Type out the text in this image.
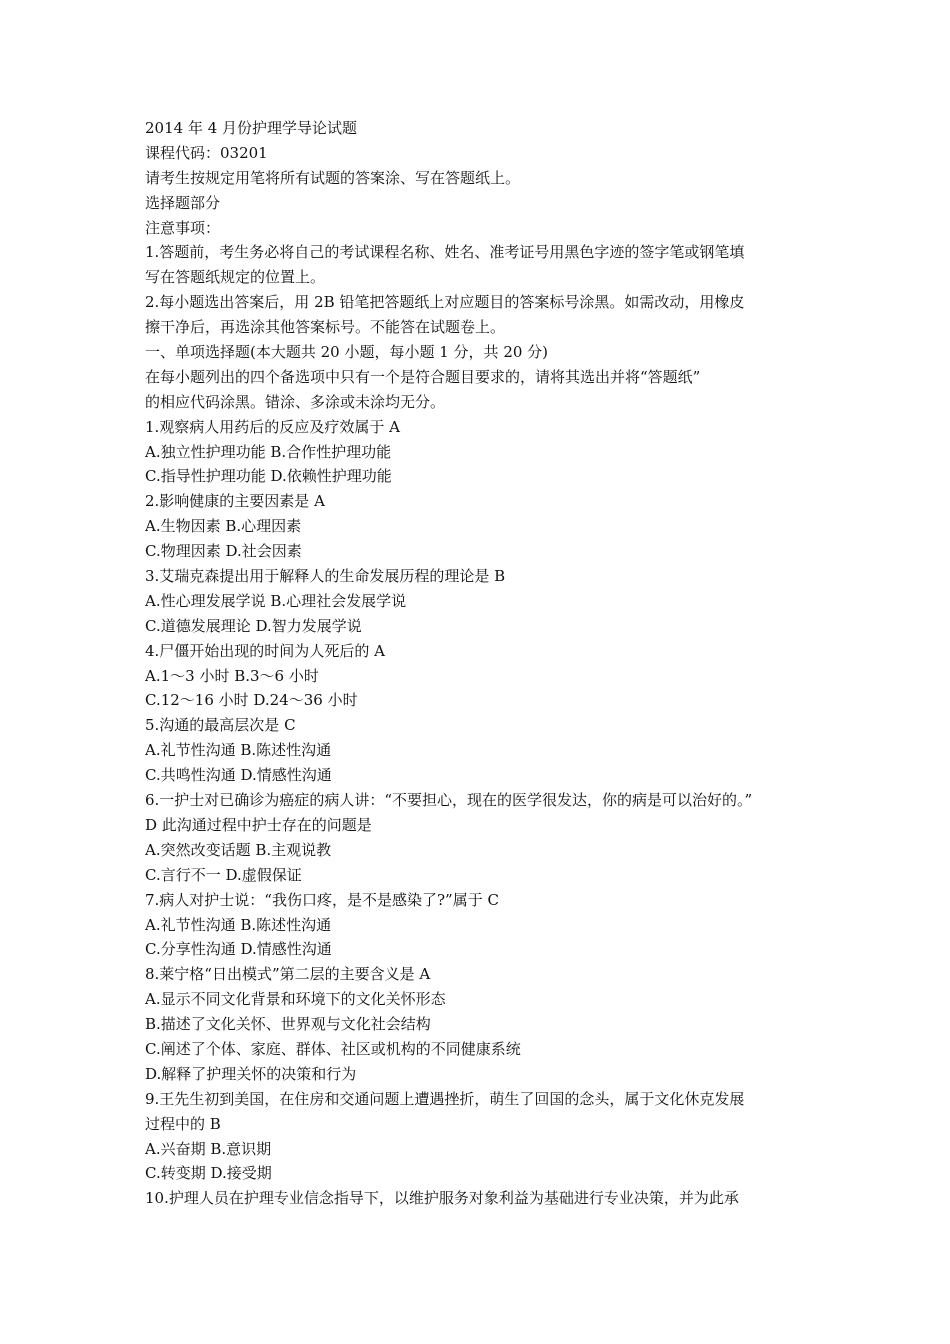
2014 年 4 月份护理学导论试题
课程代码：03201
请考生按规定用笔将所有试题的答案涂、写在答题纸上。
选择题部分
注意事项：
1.答题前，考生务必将自己的考试课程名称、姓名、准考证号用黑色字迹的签字笔或钢笔填
写在答题纸规定的位置上。
2.每小题选出答案后，用 2B 铅笔把答题纸上对应题目的答案标号涂黑。如需改动，用橡皮
擦干净后，再选涂其他答案标号。不能答在试题卷上。
一、单项选择题(本大题共 20 小题，每小题 1 分，共 20 分)
在每小题列出的四个备选项中只有一个是符合题目要求的，请将其选出并将“答题纸”
的相应代码涂黑。错涂、多涂或未涂均无分。
1.观察病人用药后的反应及疗效属于 A
A.独立性护理功能 B.合作性护理功能
C.指导性护理功能 D.依赖性护理功能
2.影响健康的主要因素是 A
A.生物因素 B.心理因素
C.物理因素 D.社会因素
3.艾瑞克森提出用于解释人的生命发展历程的理论是 B
A.性心理发展学说 B.心理社会发展学说
C.道德发展理论 D.智力发展学说
4.尸僵开始出现的时间为人死后的 A
A.1～3 小时 B.3～6 小时
C.12～16 小时 D.24～36 小时
5.沟通的最高层次是 C
A.礼节性沟通 B.陈述性沟通
C.共鸣性沟通 D.情感性沟通
6.一护士对已确诊为癌症的病人讲：“不要担心，现在的医学很发达，你的病是可以治好的。”
D 此沟通过程中护士存在的问题是
A.突然改变话题 B.主观说教
C.言行不一 D.虚假保证
7.病人对护士说：“我伤口疼，是不是感染了?”属于 C
A.礼节性沟通 B.陈述性沟通
C.分享性沟通 D.情感性沟通
8.莱宁格“日出模式”第二层的主要含义是 A
A.显示不同文化背景和环境下的文化关怀形态
B.描述了文化关怀、世界观与文化社会结构
C.阐述了个体、家庭、群体、社区或机构的不同健康系统
D.解释了护理关怀的决策和行为
9.王先生初到美国，在住房和交通问题上遭遇挫折，萌生了回国的念头，属于文化休克发展
过程中的 B
A.兴奋期 B.意识期
C.转变期 D.接受期
10.护理人员在护理专业信念指导下，以维护服务对象利益为基础进行专业决策，并为此承
